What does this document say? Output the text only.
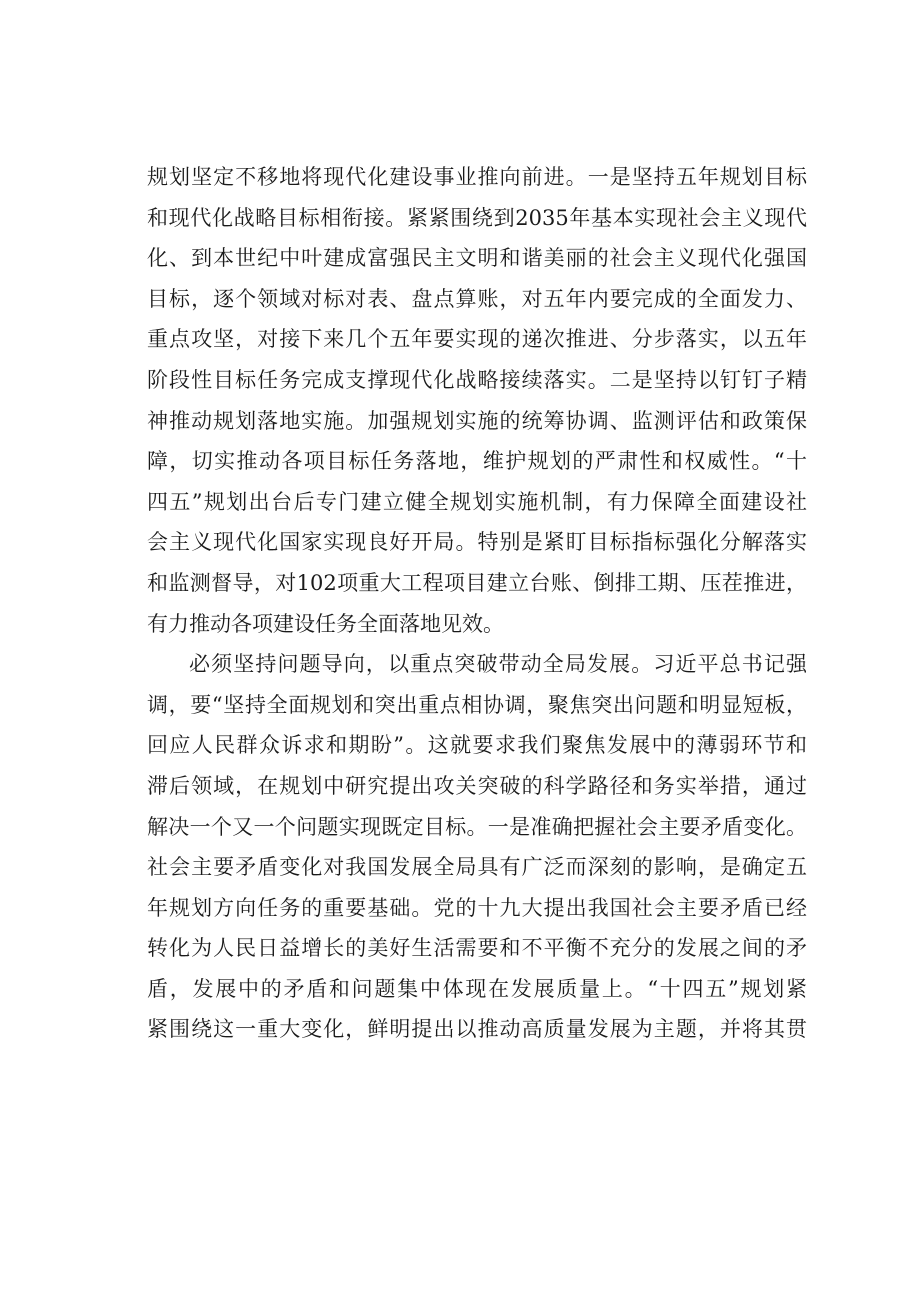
规划坚定不移地将现代化建设事业推向前进。一是坚持五年规划目标
和现代化战略目标相衔接。紧紧围绕到2035年基本实现社会主义现代
化、到本世纪中叶建成富强民主文明和谐美丽的社会主义现代化强国
目标，逐个领域对标对表、盘点算账，对五年内要完成的全面发力、
重点攻坚，对接下来几个五年要实现的递次推进、分步落实，以五年
阶段性目标任务完成支撑现代化战略接续落实。二是坚持以钉钉子精
神推动规划落地实施。加强规划实施的统筹协调、监测评估和政策保
障，切实推动各项目标任务落地，维护规划的严肃性和权威性。“十
四五”规划出台后专门建立健全规划实施机制，有力保障全面建设社
会主义现代化国家实现良好开局。特别是紧盯目标指标强化分解落实
和监测督导，对102项重大工程项目建立台账、倒排工期、压茬推进，
有力推动各项建设任务全面落地见效。
必须坚持问题导向，以重点突破带动全局发展。习近平总书记强
调，要“坚持全面规划和突出重点相协调，聚焦突出问题和明显短板，
回应人民群众诉求和期盼”。这就要求我们聚焦发展中的薄弱环节和
滞后领域，在规划中研究提出攻关突破的科学路径和务实举措，通过
解决一个又一个问题实现既定目标。一是准确把握社会主要矛盾变化。
社会主要矛盾变化对我国发展全局具有广泛而深刻的影响，是确定五
年规划方向任务的重要基础。党的十九大提出我国社会主要矛盾已经
转化为人民日益增长的美好生活需要和不平衡不充分的发展之间的矛
盾，发展中的矛盾和问题集中体现在发展质量上。“十四五”规划紧
紧围绕这一重大变化，鲜明提出以推动高质量发展为主题，并将其贯
